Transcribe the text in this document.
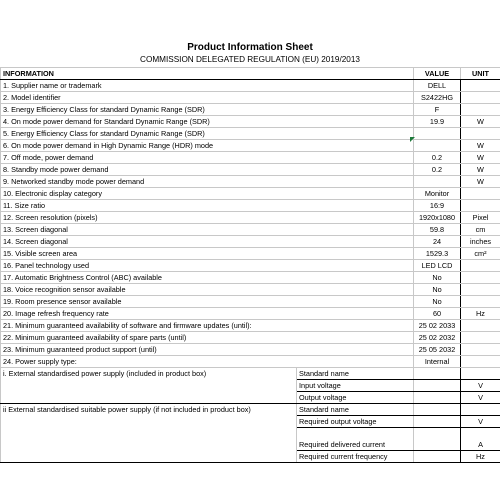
Product Information Sheet
COMMISSION DELEGATED REGULATION (EU) 2019/2013
INFORMATION		VALUE	UNIT
1. Supplier name or trademark		DELL	
2. Model identifier		S2422HG	
3. Energy Efficiency Class for standard Dynamic Range (SDR)		F	
4. On mode power demand for Standard Dynamic Range (SDR)		19.9	W
5. Energy Efficiency Class for standard Dynamic Range (SDR)			
6. On mode power demand in High Dynamic Range (HDR) mode			W
7. Off mode, power demand		0.2	W
8. Standby mode power demand		0.2	W
9. Networked standby mode power demand			W
10. Electronic display category		Monitor	
11. Size ratio		16:9	
12. Screen resolution (pixels)		1920x1080	Pixel
13. Screen diagonal		59.8	cm
14. Screen diagonal		24	inches
15. Visible screen area		1529.3	cm²
16. Panel technology used		LED LCD	
17. Automatic Brightness Control (ABC) available		No	
18. Voice recognition sensor available		No	
19. Room presence sensor available		No	
20. Image refresh frequency rate		60	Hz
21. Minimum guaranteed availability of software and firmware updates (until):		25 02 2033	
22. Minimum guaranteed availability of spare parts (until)		25 02 2032	
23. Minimum guaranteed product support (until)		25 05 2032	
24. Power supply type:		Internal	
i. External standardised power supply (included in product box)	Standard name		
	Input voltage		V
	Output voltage		V
ii External standardised suitable power supply (if not included in product box)	Standard name		
	Required output voltage		V
	Required delivered current		A
	Required current frequency		Hz
